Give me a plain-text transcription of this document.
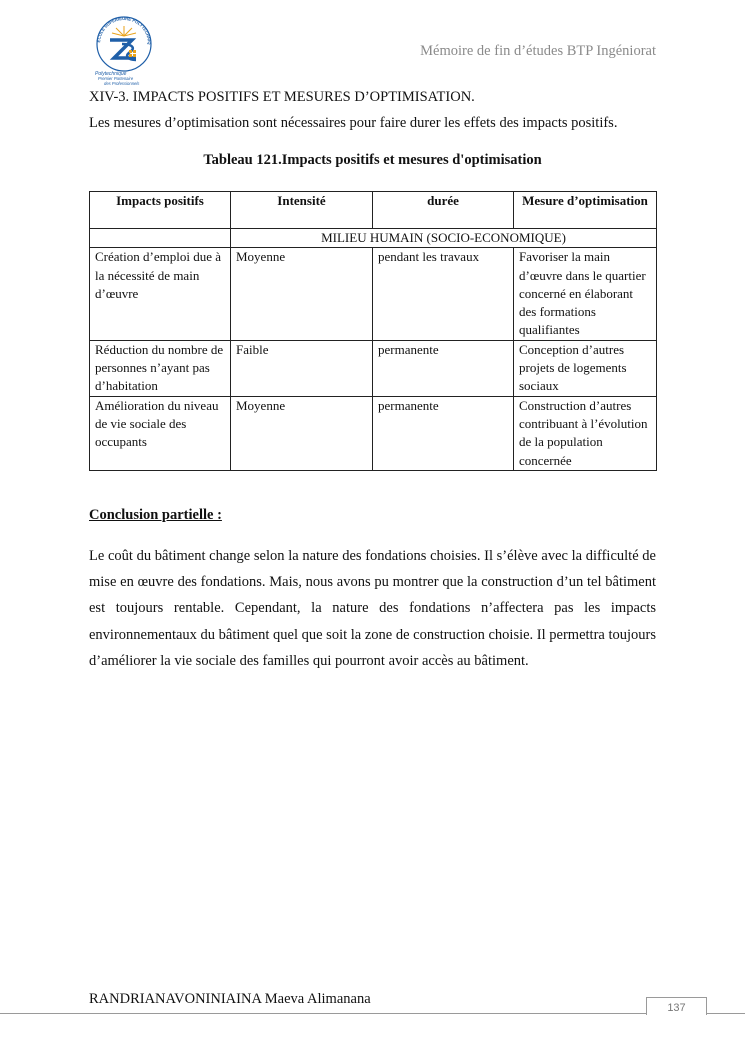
ÉCOLE SUPÉRIEURE POLYTECHNIQ
Polytechnique
Premier Partenaire
des Professionnels
Mémoire de fin d’études BTP Ingéniorat
XIV-3. IMPACTS POSITIFS ET MESURES D’OPTIMISATION.
Les mesures d’optimisation sont nécessaires pour faire durer les effets des impacts positifs.
Tableau 121.Impacts positifs et mesures d'optimisation
Impacts positifs	Intensité	durée	Mesure d’optimisation
	MILIEU HUMAIN (SOCIO-ECONOMIQUE)		
Création d’emploi due à la nécessité de main d’œuvre	Moyenne	pendant les travaux	Favoriser la main d’œuvre dans le quartier concerné en élaborant des formations qualifiantes
Réduction du nombre de personnes n’ayant pas d’habitation	Faible	permanente	Conception d’autres projets de logements sociaux
Amélioration du niveau de vie sociale des occupants	Moyenne	permanente	Construction d’autres contribuant à l’évolution de la population concernée
Conclusion partielle :

Le coût du bâtiment change selon la nature des fondations choisies. Il s’élève avec la difficulté de mise en œuvre des fondations. Mais, nous avons pu montrer que la construction d’un tel bâtiment est toujours rentable. Cependant, la nature des fondations n’affectera pas les impacts environnementaux du bâtiment quel que soit la zone de construction choisie. Il permettra toujours d’améliorer la vie sociale des familles qui pourront avoir accès au bâtiment.

RANDRIANAVONINIAINA Maeva Alimanana
137
